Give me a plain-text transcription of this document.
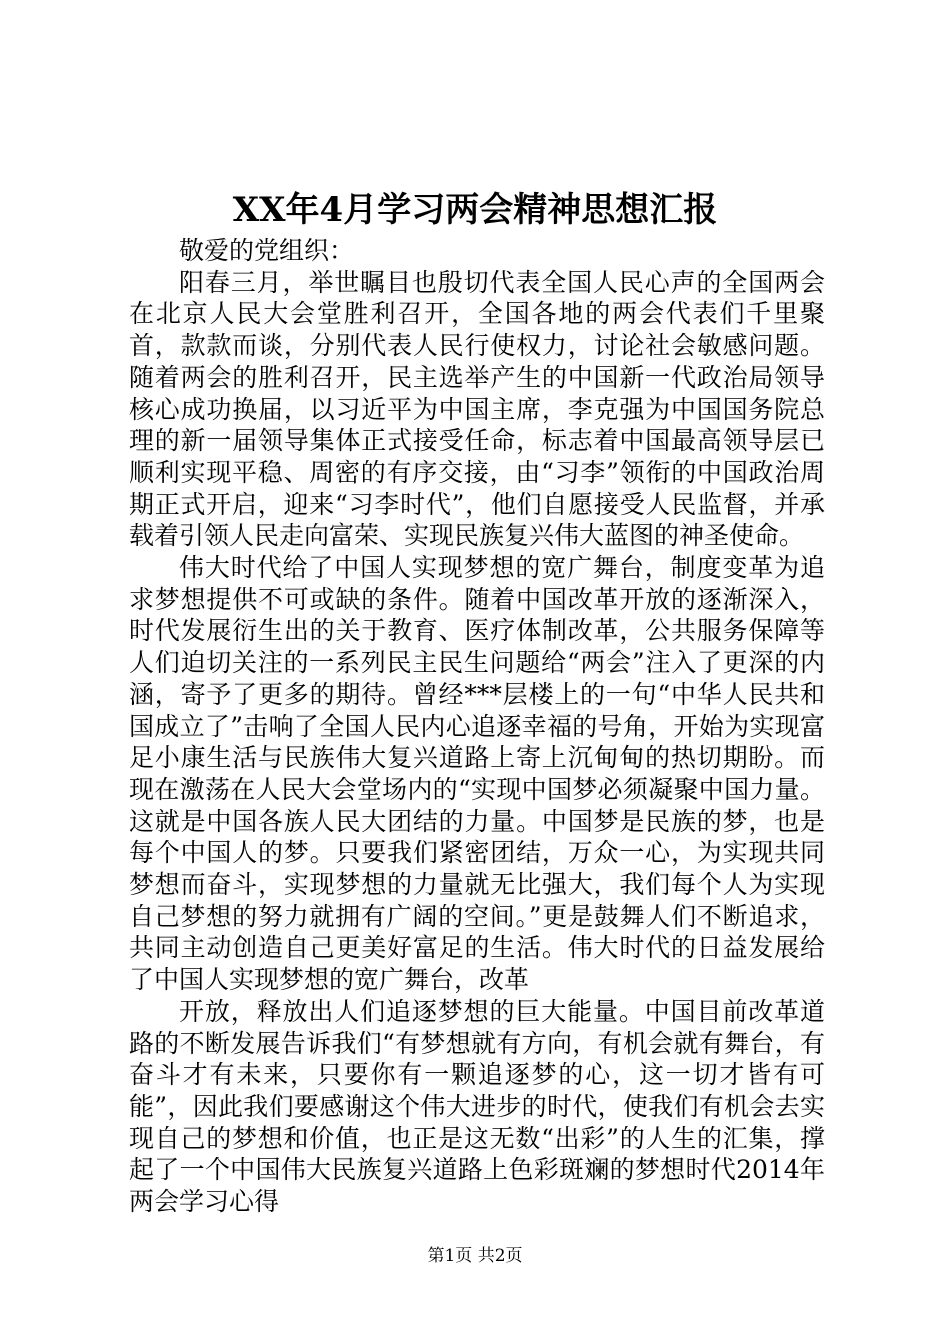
XX年4月学习两会精神思想汇报

敬爱的党组织：

阳春三月，举世瞩目也殷切代表全国人民心声的全国两会在北京人民大会堂胜利召开，全国各地的两会代表们千里聚首，款款而谈，分别代表人民行使权力，讨论社会敏感问题。随着两会的胜利召开，民主选举产生的中国新一代政治局领导核心成功换届，以习近平为中国主席，李克强为中国国务院总理的新一届领导集体正式接受任命，标志着中国最高领导层已顺利实现平稳、周密的有序交接，由“习李”领衔的中国政治周期正式开启，迎来“习李时代”，他们自愿接受人民监督，并承载着引领人民走向富荣、实现民族复兴伟大蓝图的神圣使命。

伟大时代给了中国人实现梦想的宽广舞台，制度变革为追求梦想提供不可或缺的条件。随着中国改革开放的逐渐深入，时代发展衍生出的关于教育、医疗体制改革，公共服务保障等人们迫切关注的一系列民主民生问题给“两会”注入了更深的内涵，寄予了更多的期待。曾经***层楼上的一句“中华人民共和国成立了”击响了全国人民内心追逐幸福的号角，开始为实现富足小康生活与民族伟大复兴道路上寄上沉甸甸的热切期盼。而现在激荡在人民大会堂场内的“实现中国梦必须凝聚中国力量。这就是中国各族人民大团结的力量。中国梦是民族的梦，也是每个中国人的梦。只要我们紧密团结，万众一心，为实现共同梦想而奋斗，实现梦想的力量就无比强大，我们每个人为实现自己梦想的努力就拥有广阔的空间。”更是鼓舞人们不断追求，共同主动创造自己更美好富足的生活。伟大时代的日益发展给了中国人实现梦想的宽广舞台，改革

开放，释放出人们追逐梦想的巨大能量。中国目前改革道路的不断发展告诉我们“有梦想就有方向，有机会就有舞台，有奋斗才有未来，只要你有一颗追逐梦的心，这一切才皆有可能”，因此我们要感谢这个伟大进步的时代，使我们有机会去实现自己的梦想和价值，也正是这无数“出彩”的人生的汇集，撑起了一个中国伟大民族复兴道路上色彩斑斓的梦想时代2014年两会学习心得

第1页 共2页
